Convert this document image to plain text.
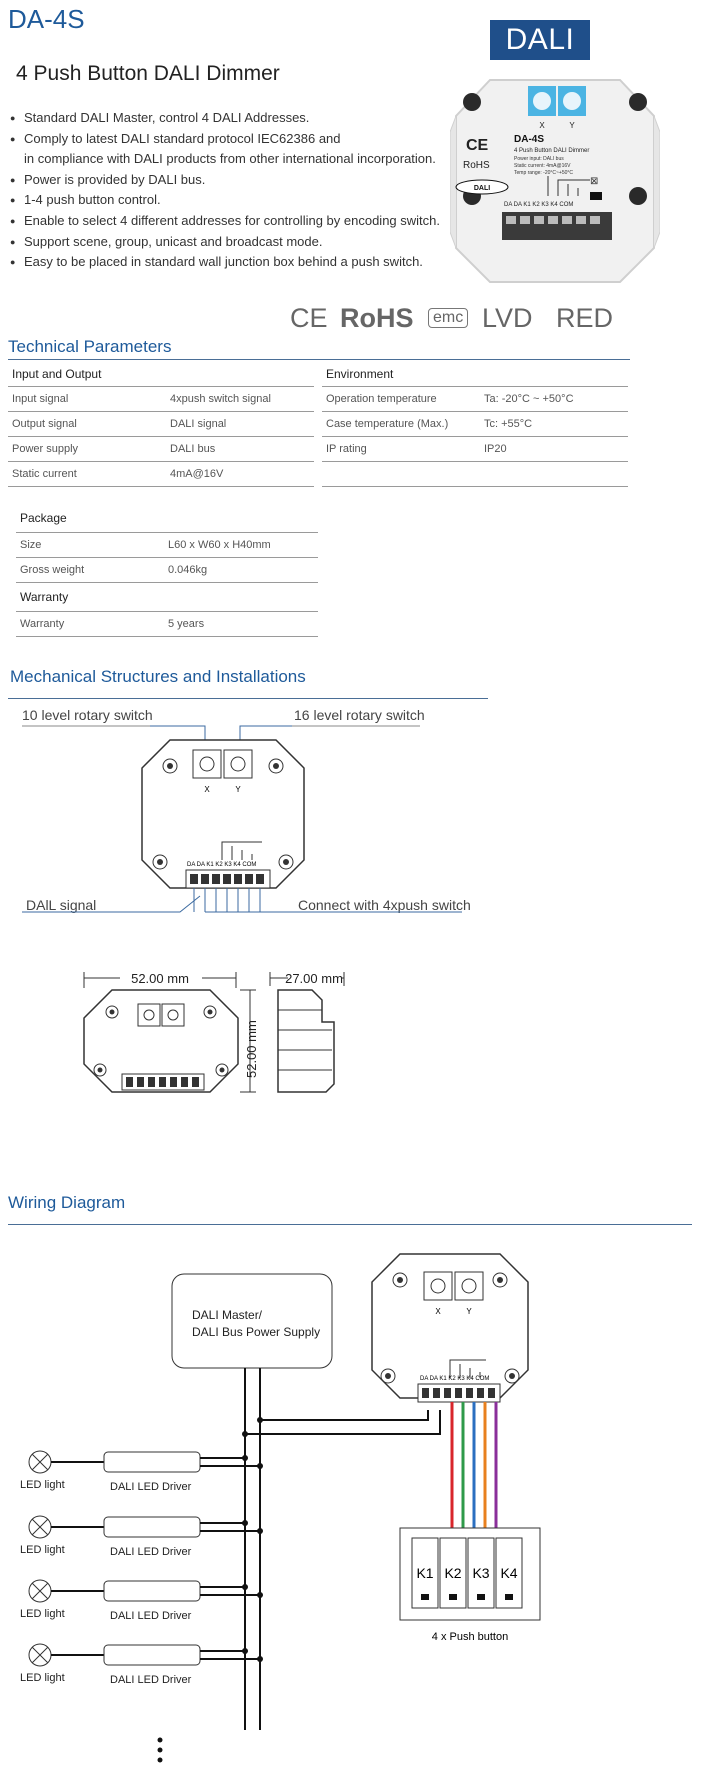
DA-4S
4 Push Button DALI Dimmer
DALI
● Standard DALI Master, control 4 DALI Addresses.
● Comply to latest DALI standard protocol IEC62386 and
in compliance with DALI products from other international incorporation.
● Power is provided by DALI bus.
● 1-4 push button control.
● Enable to select 4 different addresses for controlling by encoding switch.
● Support scene, group, unicast and broadcast mode.
● Easy to be placed in standard wall junction box behind a push switch.
X	Y
CE
RoHS
DA-4S
4 Push Button DALI Dimmer
Power input: DALI bus
Static current: 4mA@16V
Temp range: -20°C~+50°C
DALI
⊠
DA DA K1 K2 K3 K4 COM
CE RoHS	emc LVD RED
Technical Parameters
Input and Output	
Input signal	4xpush switch signal
Output signal	DALI signal
Power supply	DALI bus
Static current	4mA@16V
Environment	
Operation temperature	Ta: -20°C ~ +50°C
Case temperature (Max.)	Tc: +55°C
IP rating	IP20

Package	
Size	L60 x W60 x H40mm
Gross weight	0.046kg
Warranty	
Warranty	5 years
Mechanical Structures and Installations
10 level rotary switch	16 level rotary switch
DAlL signal	Connect with 4xpush switch
X	Y
DA DA K1 K2 K3 K4 COM
52.00 mm
52.00 mm
27.00 mm
Wiring Diagram
DALI Master/
DALI Bus Power Supply
X	Y
DA DA K1 K2 K3 K4 COM
K1 K2 K3 K4
4 x Push button
LED light	DALI LED Driver
LED light	DALI LED Driver
LED light	DALI LED Driver
LED light	DALI LED Driver
